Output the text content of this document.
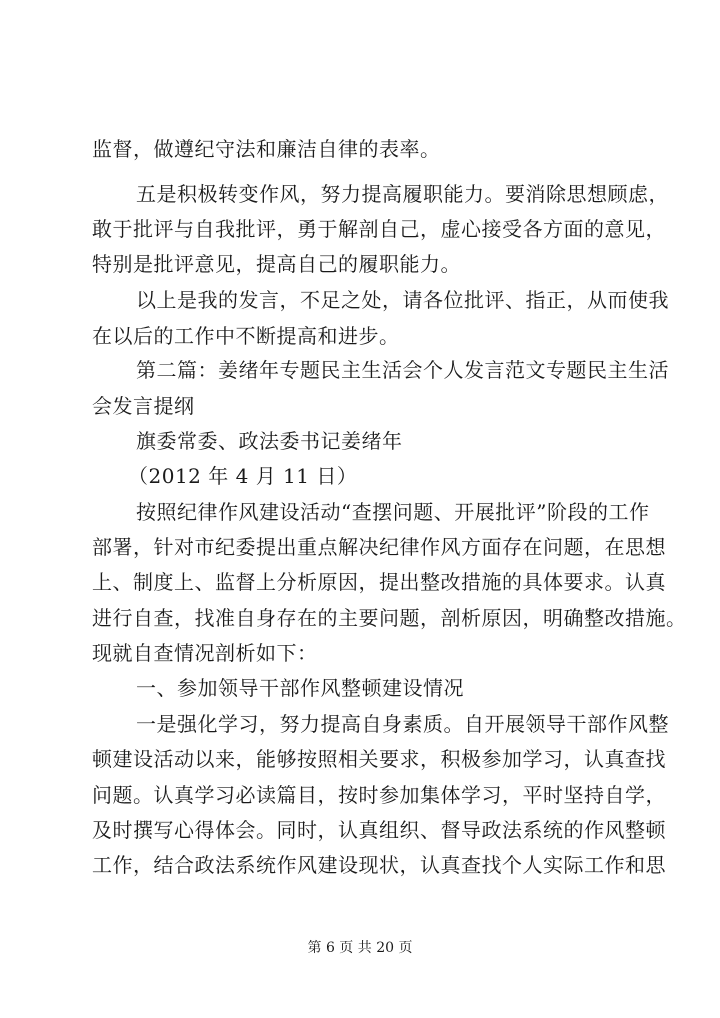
监督，做遵纪守法和廉洁自律的表率。
五是积极转变作风，努力提高履职能力。要消除思想顾虑，
敢于批评与自我批评，勇于解剖自己，虚心接受各方面的意见，
特别是批评意见，提高自己的履职能力。
以上是我的发言，不足之处，请各位批评、指正，从而使我
在以后的工作中不断提高和进步。
第二篇：姜绪年专题民主生活会个人发言范文专题民主生活
会发言提纲
旗委常委、政法委书记姜绪年
（2012 年 4 月 11 日）
按照纪律作风建设活动“查摆问题、开展批评”阶段的工作
部署，针对市纪委提出重点解决纪律作风方面存在问题，在思想
上、制度上、监督上分析原因，提出整改措施的具体要求。认真
进行自查，找准自身存在的主要问题，剖析原因，明确整改措施。
现就自查情况剖析如下：
一、参加领导干部作风整顿建设情况
一是强化学习，努力提高自身素质。自开展领导干部作风整
顿建设活动以来，能够按照相关要求，积极参加学习，认真查找
问题。认真学习必读篇目，按时参加集体学习，平时坚持自学，
及时撰写心得体会。同时，认真组织、督导政法系统的作风整顿
工作，结合政法系统作风建设现状，认真查找个人实际工作和思
第 6 页 共 20 页
